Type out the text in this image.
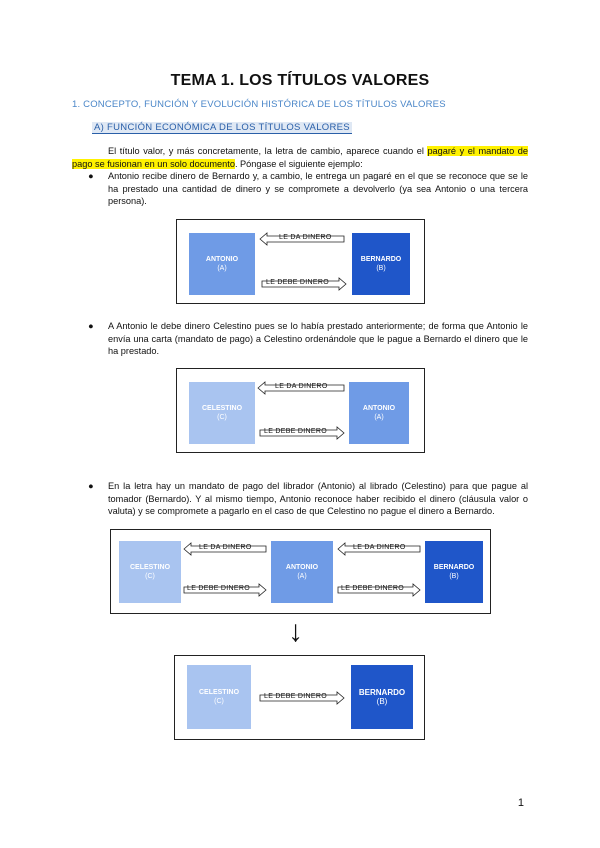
TEMA 1. LOS TÍTULOS VALORES
1. CONCEPTO, FUNCIÓN Y EVOLUCIÓN HISTÓRICA DE LOS TÍTULOS VALORES
A) FUNCIÓN ECONÓMICA DE LOS TÍTULOS VALORES
El título valor, y más concretamente, la letra de cambio, aparece cuando el pagaré y el mandato de pago se fusionan en un solo documento. Póngase el siguiente ejemplo:
● Antonio recibe dinero de Bernardo y, a cambio, le entrega un pagaré en el que se reconoce que se le ha prestado una cantidad de dinero y se compromete a devolverlo (ya sea Antonio o una tercera persona).
ANTONIO
(A)
BERNARDO
(B)
LE DA DINERO
LE DEBE DINERO
● A Antonio le debe dinero Celestino pues se lo había prestado anteriormente; de forma que Antonio le envía una carta (mandato de pago) a Celestino ordenándole que le pague a Bernardo el dinero que le ha prestado.
CELESTINO
(C)
ANTONIO
(A)
LE DA DINERO
LE DEBE DINERO
● En la letra hay un mandato de pago del librador (Antonio) al librado (Celestino) para que pague al tomador (Bernardo). Y al mismo tiempo, Antonio reconoce haber recibido el dinero (cláusula valor o valuta) y se compromete a pagarlo en el caso de que Celestino no pague el dinero a Bernardo.
CELESTINO
(C)
ANTONIO
(A)
BERNARDO
(B)
LE DA DINERO
LE DEBE DINERO
LE DA DINERO
LE DEBE DINERO
↓
CELESTINO
(C)
BERNARDO
(B)
LE DEBE DINERO
1
